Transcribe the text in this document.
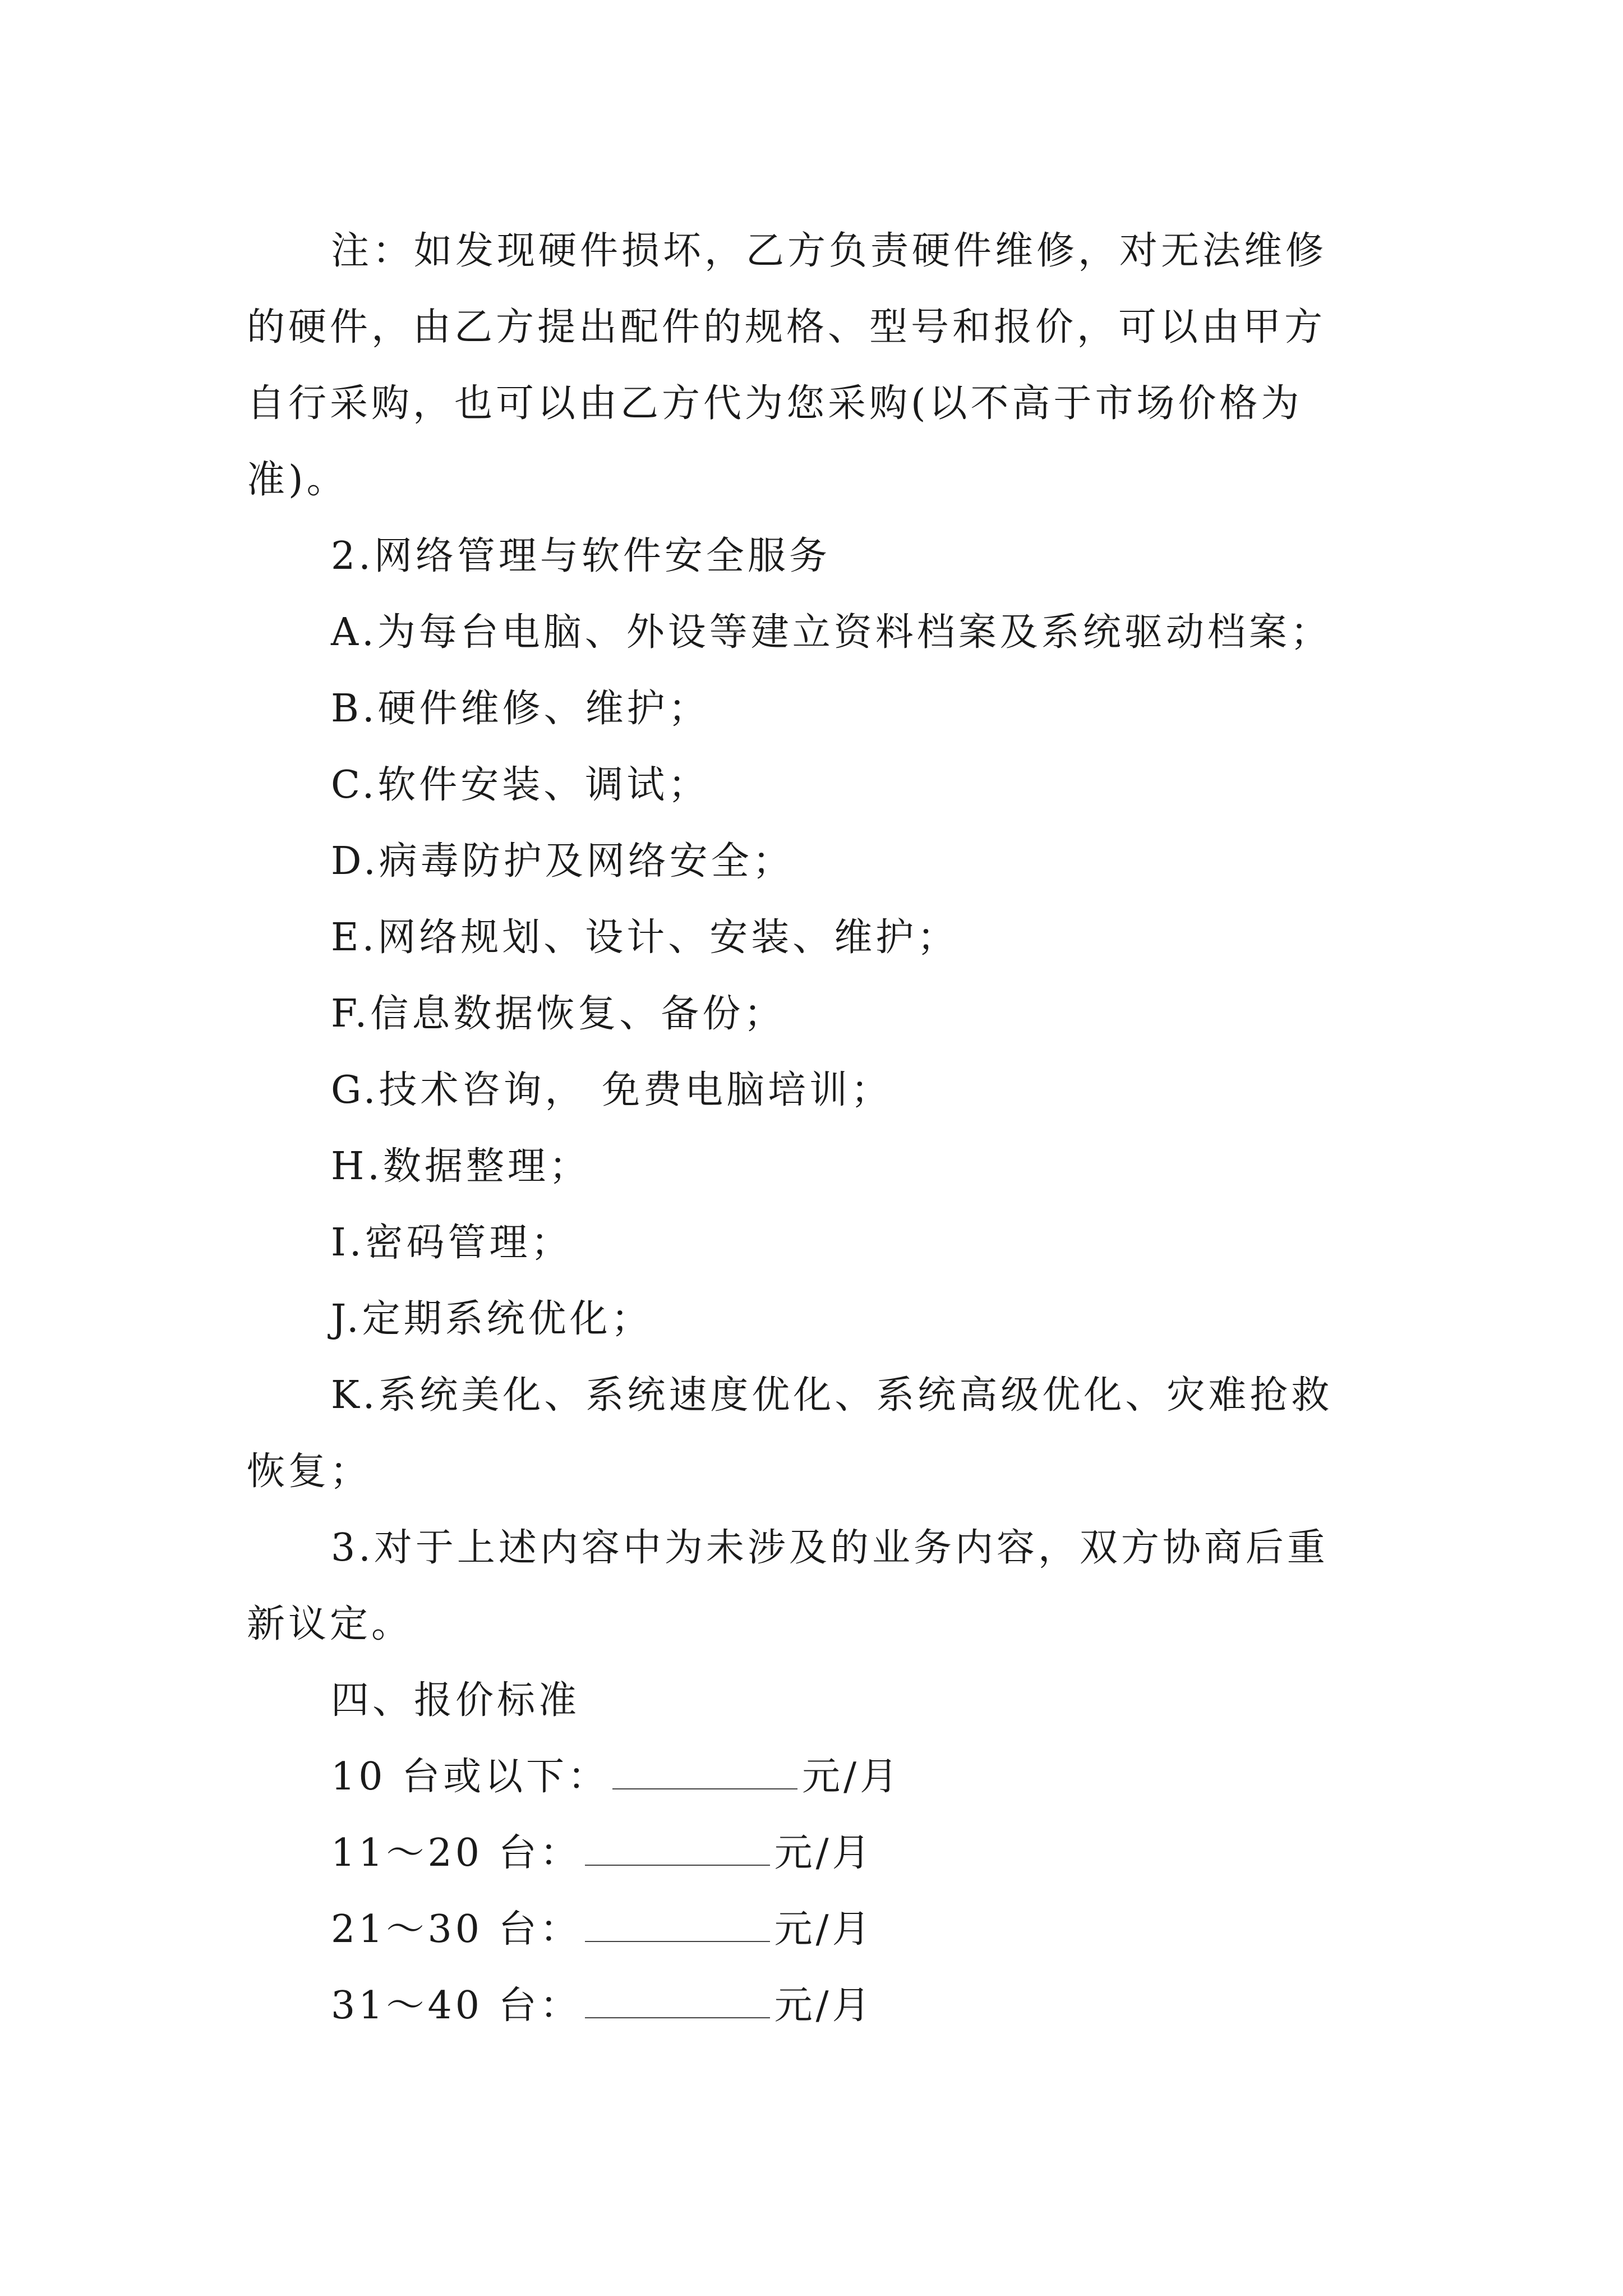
注：如发现硬件损坏，乙方负责硬件维修，对无法维修
的硬件，由乙方提出配件的规格、型号和报价，可以由甲方
自行采购，也可以由乙方代为您采购(以不高于市场价格为
准)。

2.网络管理与软件安全服务
A.为每台电脑、外设等建立资料档案及系统驱动档案；
B.硬件维修、维护；
C.软件安装、调试；
D.病毒防护及网络安全；
E.网络规划、设计、安装、维护；
F.信息数据恢复、备份；
G.技术咨询， 免费电脑培训；
H.数据整理；
I.密码管理；
J.定期系统优化；
K.系统美化、系统速度优化、系统高级优化、灾难抢救
恢复；

3.对于上述内容中为未涉及的业务内容，双方协商后重
新议定。

四、报价标准
10 台或以下：	元/月
11～20 台：	元/月
21～30 台：	元/月
31～40 台：	元/月
